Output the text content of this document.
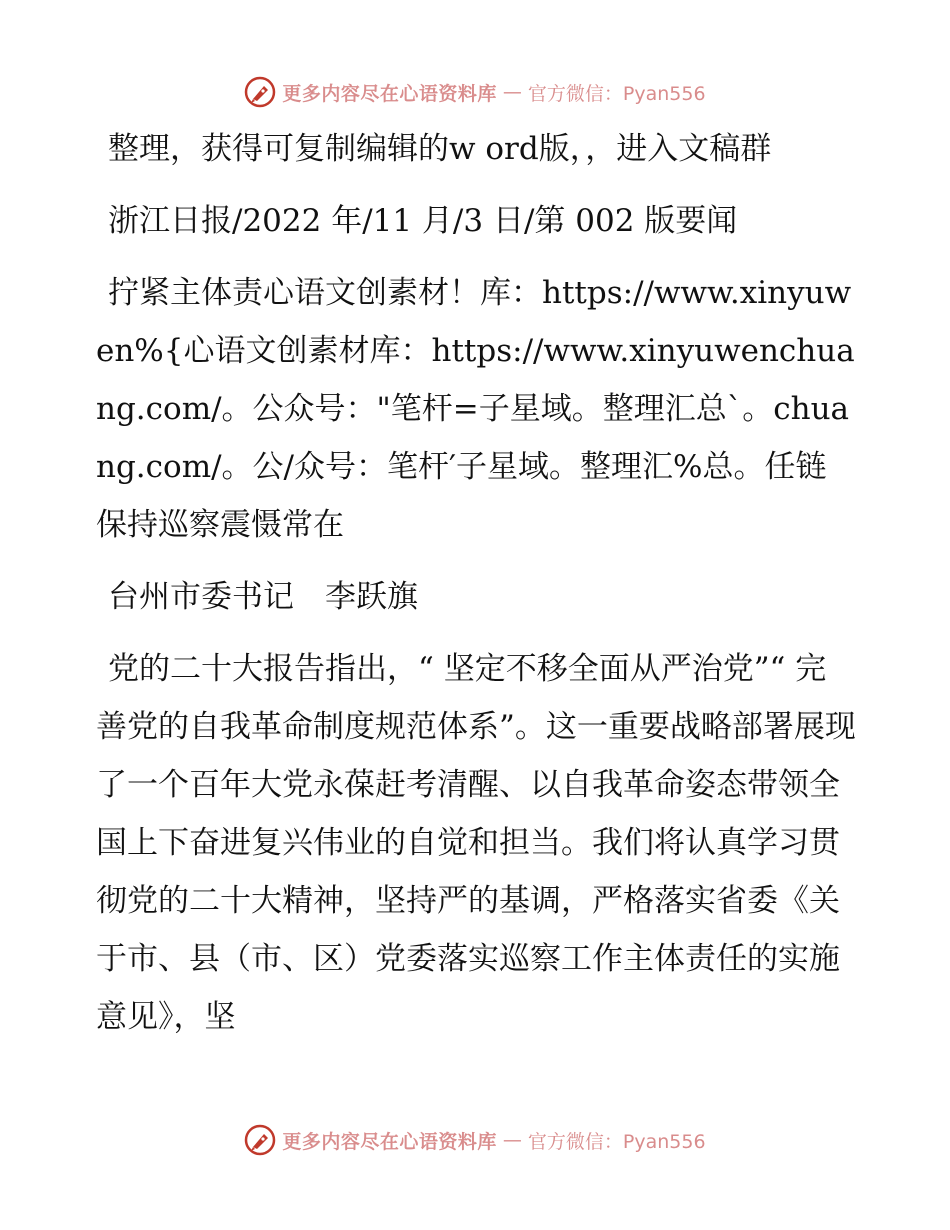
更多内容尽在心语资料库 — 官方微信：Pyan556

整理，获得可复制编辑的w ord版，，进入文稿群

浙江日报/2022 年/11 月/3 日/第 002 版要闻

拧紧主体责心语文创素材！库：https://www.xinyuwen%{心语文创素材库：https://www.xinyuwenchuang.com/。公众号："笔杆=子星域。整理汇总`。chuang.com/。公/众号：笔杆′子星域。整理汇%总。任链　保持巡察震慑常在

台州市委书记　李跃旗

党的二十大报告指出，“ 坚定不移全面从严治党”“ 完善党的自我革命制度规范体系”。这一重要战略部署展现了一个百年大党永葆赶考清醒、以自我革命姿态带领全国上下奋进复兴伟业的自觉和担当。我们将认真学习贯彻党的二十大精神，坚持严的基调，严格落实省委《关于市、县（市、区）党委落实巡察工作主体责任的实施意见》，坚

更多内容尽在心语资料库 — 官方微信：Pyan556
